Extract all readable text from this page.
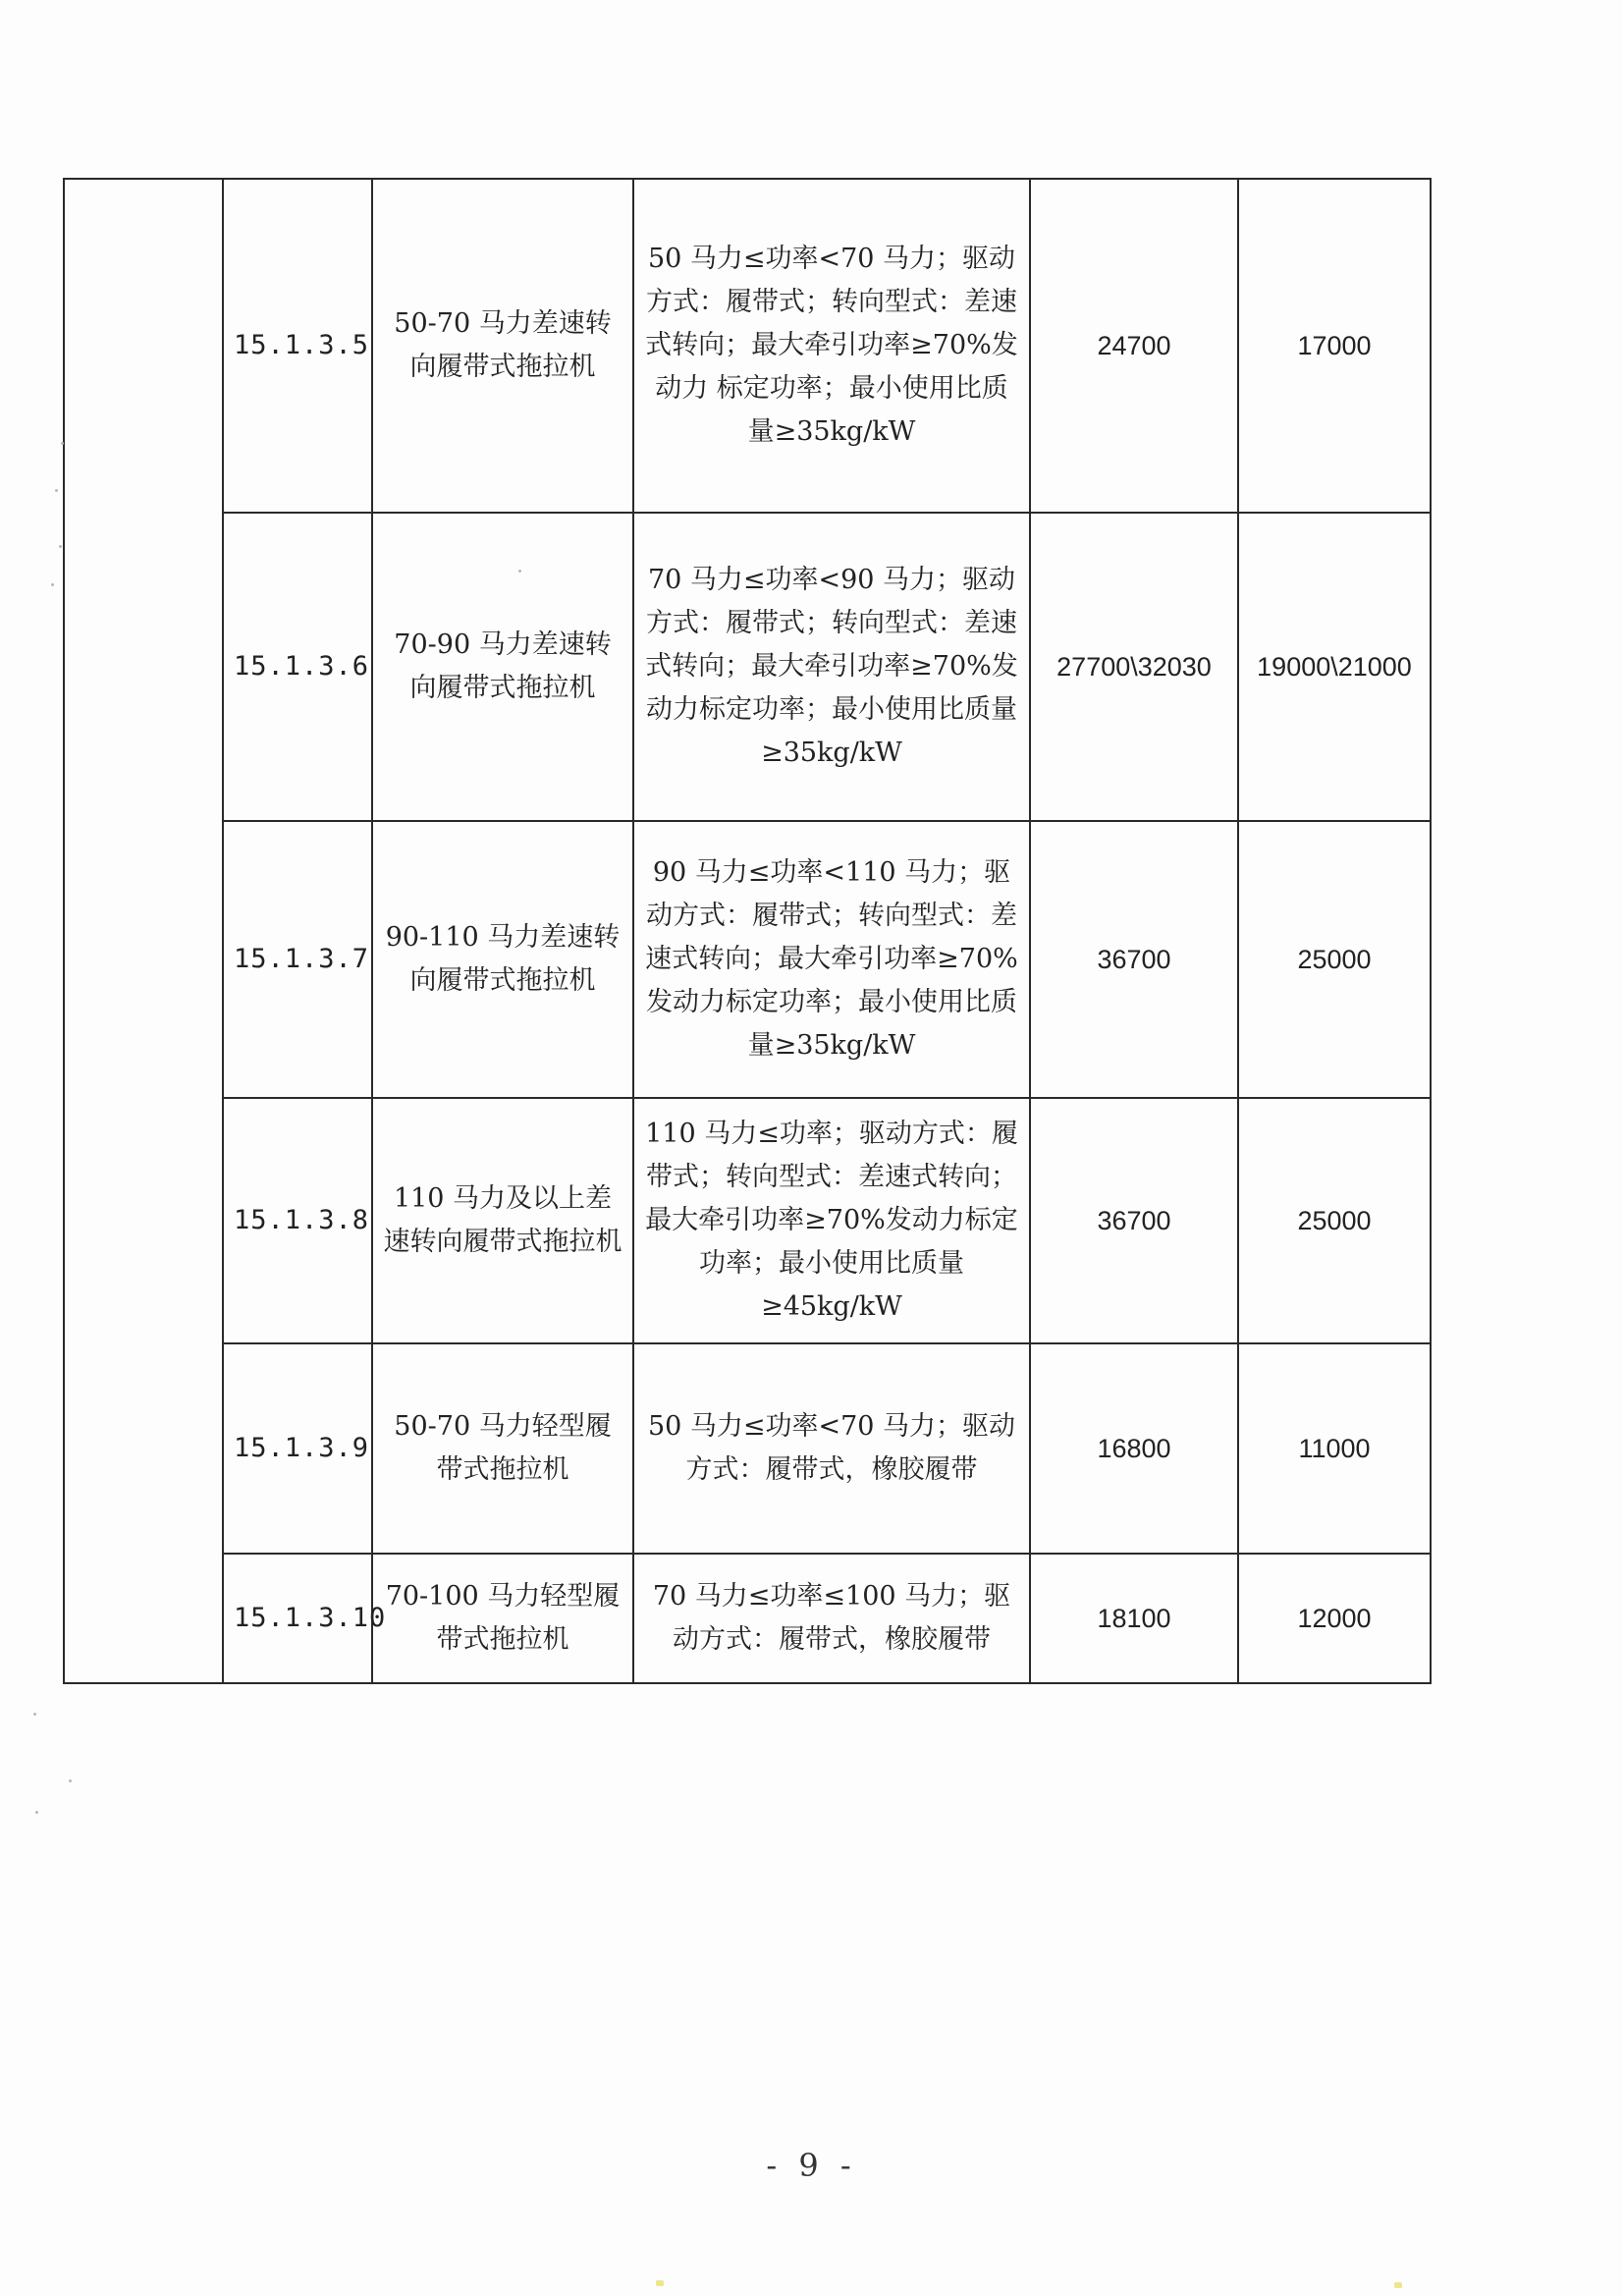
	15.1.3.5	50-70 马力差速转向履带式拖拉机	50 马力≤功率<70 马力；驱动方式：履带式；转向型式：差速式转向；最大牵引功率≥70%发动力 标定功率；最小使用比质量≥35kg/kW	24700	17000
	15.1.3.6	70-90 马力差速转向履带式拖拉机	70 马力≤功率<90 马力；驱动方式：履带式；转向型式：差速式转向；最大牵引功率≥70%发动力标定功率；最小使用比质量≥35kg/kW	27700\32030	19000\21000
	15.1.3.7	90-110 马力差速转向履带式拖拉机	90 马力≤功率<110 马力；驱动方式：履带式；转向型式：差速式转向；最大牵引功率≥70%发动力标定功率；最小使用比质量≥35kg/kW	36700	25000
	15.1.3.8	110 马力及以上差速转向履带式拖拉机	110 马力≤功率；驱动方式：履带式；转向型式：差速式转向；最大牵引功率≥70%发动力标定功率；最小使用比质量≥45kg/kW	36700	25000
	15.1.3.9	50-70 马力轻型履带式拖拉机	50 马力≤功率<70 马力；驱动方式：履带式，橡胶履带	16800	11000
	15.1.3.10	70-100 马力轻型履带式拖拉机	70 马力≤功率≤100 马力；驱动方式：履带式，橡胶履带	18100	12000
- 9 -
